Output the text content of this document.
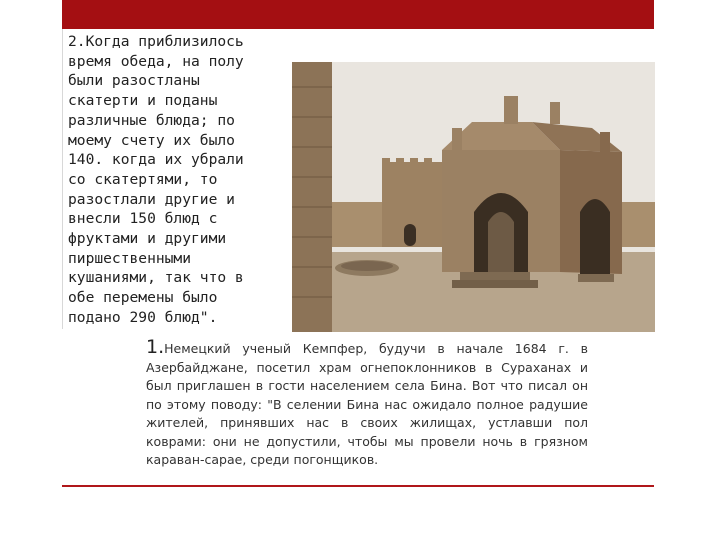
2.Когда приблизилось
время обеда, на полу
были разостланы
скатерти и поданы
различные блюда; по
моему счету их было
140. когда их убрали
со скатертями, то
разостлали другие и
внесли 150 блюд с
фруктами и другими
пиршественными
кушаниями, так что в
обе перемены было
подано 290 блюд".
1.Немецкий ученый Кемпфер, будучи в начале 1684 г. в Азербайджане, посетил храм огнепоклонников в Сураханах и был приглашен в гости населением села Бина. Вот что писал он по этому поводу: "В селении Бина нас ожидало полное радушие жителей, принявших нас в своих жилищах, устлавши пол коврами: они не допустили, чтобы мы провели ночь в грязном караван-сарае, среди погонщиков.
